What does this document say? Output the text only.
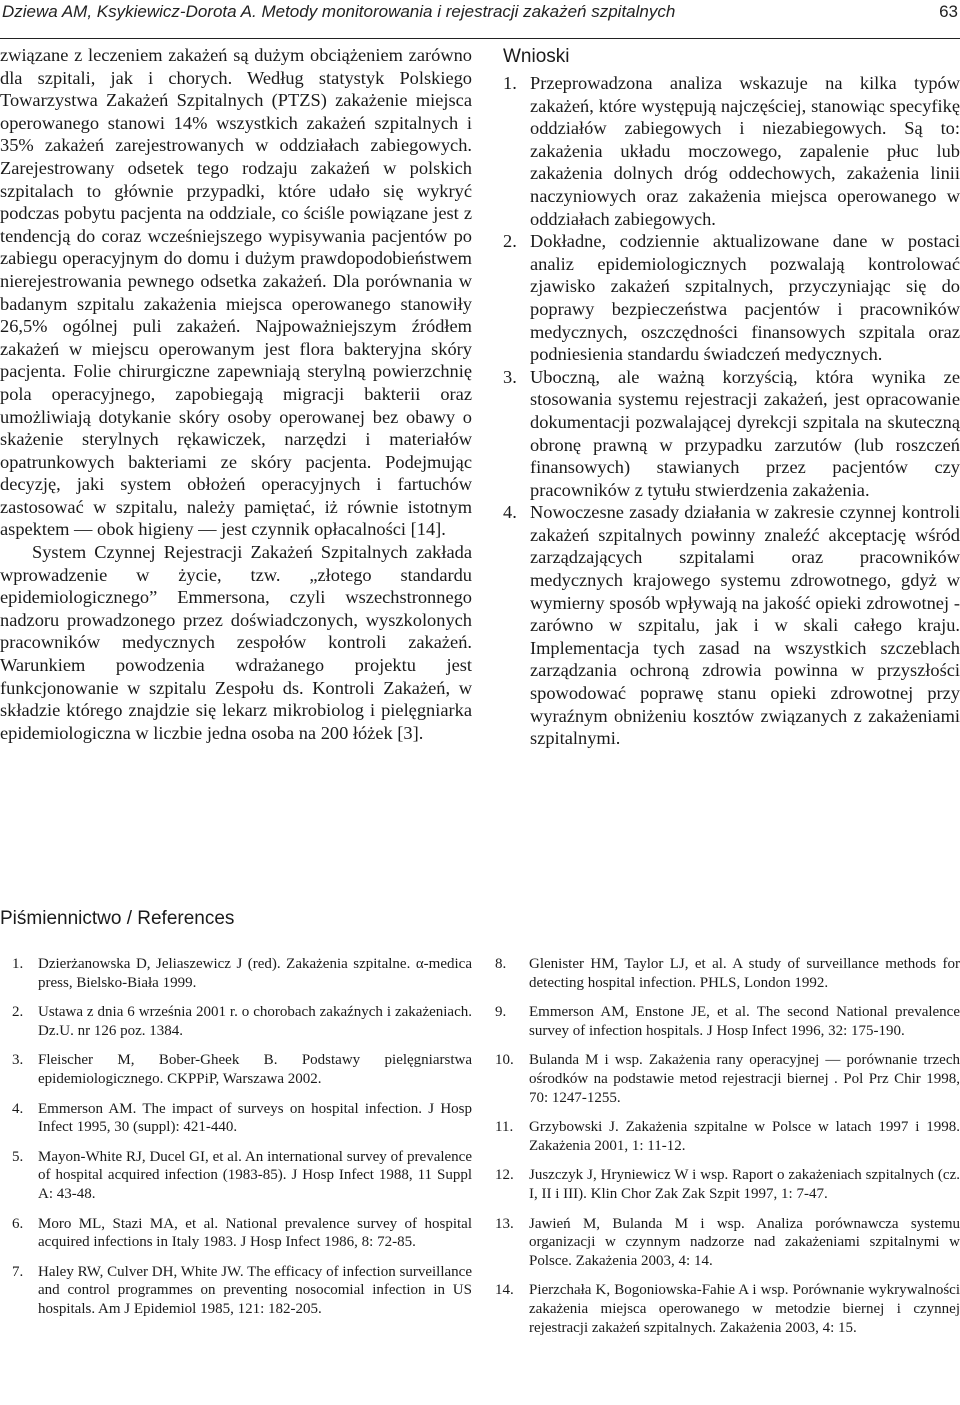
Dziewa AM, Ksykiewicz-Dorota A. Metody monitorowania i rejestracji zakażeń szpitalnych	63

związane z leczeniem zakażeń są dużym obciążeniem zarówno dla szpitali, jak i chorych. Według statystyk Polskiego Towarzystwa Zakażeń Szpitalnych (PTZS) zakażenie miejsca operowanego stanowi 14% wszystkich zakażeń szpitalnych i 35% zakażeń zarejestrowanych w oddziałach zabiegowych. Zarejestrowany odsetek tego rodzaju zakażeń w polskich szpitalach to głównie przypadki, które udało się wykryć podczas pobytu pacjenta na oddziale, co ściśle powiązane jest z tendencją do coraz wcześniejszego wypisywania pacjentów po zabiegu operacyjnym do domu i dużym prawdopodobieństwem nierejestrowania pewnego odsetka zakażeń. Dla porównania w badanym szpitalu zakażenia miejsca operowanego stanowiły 26,5% ogólnej puli zakażeń. Najpoważniejszym źródłem zakażeń w miejscu operowanym jest flora bakteryjna skóry pacjenta. Folie chirurgiczne zapewniają sterylną powierzchnię pola operacyjnego, zapobiegają migracji bakterii oraz umożliwiają dotykanie skóry osoby operowanej bez obawy o skażenie sterylnych rękawiczek, narzędzi i materiałów opatrunkowych bakteriami ze skóry pacjenta. Podejmując decyzję, jaki system obłożeń operacyjnych i fartuchów zastosować w szpitalu, należy pamiętać, iż równie istotnym aspektem — obok higieny — jest czynnik opłacalności [14].

System Czynnej Rejestracji Zakażeń Szpitalnych zakłada wprowadzenie w życie, tzw. „złotego standardu epidemiologicznego” Emmersona, czyli wszechstronnego nadzoru prowadzonego przez doświadczonych, wyszkolonych pracowników medycznych zespołów kontroli zakażeń. Warunkiem powodzenia wdrażanego projektu jest funkcjonowanie w szpitalu Zespołu ds. Kontroli Zakażeń, w składzie którego znajdzie się lekarz mikrobiolog i pielęgniarka epidemiologiczna w liczbie jedna osoba na 200 łóżek [3].

Wnioski
1. Przeprowadzona analiza wskazuje na kilka typów zakażeń, które występują najczęściej, stanowiąc specyfikę oddziałów zabiegowych i niezabiegowych. Są to: zakażenia układu moczowego, zapalenie płuc lub zakażenia dolnych dróg oddechowych, zakażenia linii naczyniowych oraz zakażenia miejsca operowanego w oddziałach zabiegowych.
2. Dokładne, codziennie aktualizowane dane w postaci analiz epidemiologicznych pozwalają kontrolować zjawisko zakażeń szpitalnych, przyczyniając się do poprawy bezpieczeństwa pacjentów i pracowników medycznych, oszczędności finansowych szpitala oraz podniesienia standardu świadczeń medycznych.
3. Uboczną, ale ważną korzyścią, która wynika ze stosowania systemu rejestracji zakażeń, jest opracowanie dokumentacji pozwalającej dyrekcji szpitala na skuteczną obronę prawną w przypadku zarzutów (lub roszczeń finansowych) stawianych przez pacjentów czy pracowników z tytułu stwierdzenia zakażenia.
4. Nowoczesne zasady działania w zakresie czynnej kontroli zakażeń szpitalnych powinny znaleźć akceptację wśród zarządzających szpitalami oraz pracowników medycznych krajowego systemu zdrowotnego, gdyż w wymierny sposób wpływają na jakość opieki zdrowotnej - zarówno w szpitalu, jak i w skali całego kraju. Implementacja tych zasad na wszystkich szczeblach zarządzania ochroną zdrowia powinna w przyszłości spowodować poprawę stanu opieki zdrowotnej przy wyraźnym obniżeniu kosztów związanych z zakażeniami szpitalnymi.
Piśmiennictwo / References
1. Dzierżanowska D, Jeliaszewicz J (red). Zakażenia szpitalne. α-medica press, Bielsko-Biała 1999.
2. Ustawa z dnia 6 września 2001 r. o chorobach zakaźnych i zakażeniach. Dz.U. nr 126 poz. 1384.
3. Fleischer M, Bober-Gheek B. Podstawy pielęgniarstwa epidemiologicznego. CKPPiP, Warszawa 2002.
4. Emmerson AM. The impact of surveys on hospital infection. J Hosp Infect 1995, 30 (suppl): 421-440.
5. Mayon-White RJ, Ducel GI, et al. An international survey of prevalence of hospital acquired infection (1983-85). J Hosp Infect 1988, 11 Suppl A: 43-48.
6. Moro ML, Stazi MA, et al. National prevalence survey of hospital acquired infections in Italy 1983. J Hosp Infect 1986, 8: 72-85.
7. Haley RW, Culver DH, White JW. The efficacy of infection surveillance and control programmes on preventing nosocomial infection in US hospitals. Am J Epidemiol 1985, 121: 182-205.
8. Glenister HM, Taylor LJ, et al. A study of surveillance methods for detecting hospital infection. PHLS, London 1992.
9. Emmerson AM, Enstone JE, et al. The second National prevalence survey of infection hospitals. J Hosp Infect 1996, 32: 175-190.
10. Bulanda M i wsp. Zakażenia rany operacyjnej — porównanie trzech ośrodków na podstawie metod rejestracji biernej . Pol Prz Chir 1998, 70: 1247-1255.
11. Grzybowski J. Zakażenia szpitalne w Polsce w latach 1997 i 1998. Zakażenia 2001, 1: 11-12.
12. Juszczyk J, Hryniewicz W i wsp. Raport o zakażeniach szpitalnych (cz. I, II i III). Klin Chor Zak Zak Szpit 1997, 1: 7-47.
13. Jawień M, Bulanda M i wsp. Analiza porównawcza systemu organizacji w czynnym nadzorze nad zakażeniami szpitalnymi w Polsce. Zakażenia 2003, 4: 14.
14. Pierzchała K, Bogoniowska-Fahie A i wsp. Porównanie wykrywalności zakażenia miejsca operowanego w metodzie biernej i czynnej rejestracji zakażeń szpitalnych. Zakażenia 2003, 4: 15.
